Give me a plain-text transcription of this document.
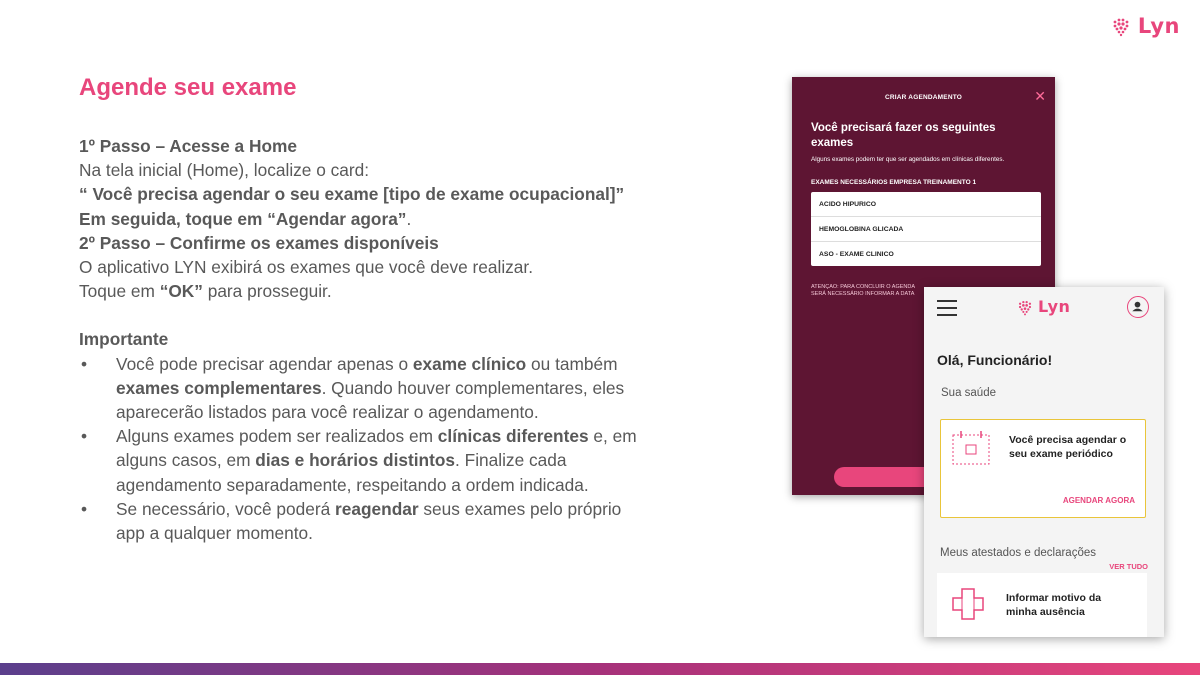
Lyn
Agende seu exame

1º Passo – Acesse a Home

Na tela inicial (Home), localize o card:

“ Você precisa agendar o seu exame [tipo de exame ocupacional]”

Em seguida, toque em “Agendar agora”.

2º Passo – Confirme os exames disponíveis

O aplicativo LYN exibirá os exames que você deve realizar.

Toque em “OK” para prosseguir.

Importante

• Você pode precisar agendar apenas o exame clínico ou também

exames complementares. Quando houver complementares, eles

aparecerão listados para você realizar o agendamento.

• Alguns exames podem ser realizados em clínicas diferentes e, em

alguns casos, em dias e horários distintos. Finalize cada

agendamento separadamente, respeitando a ordem indicada.

• Se necessário, você poderá reagendar seus exames pelo próprio

app a qualquer momento.

CRIAR AGENDAMENTO	✕
Você precisará fazer os seguintes exames
Alguns exames podem ter que ser agendados em clínicas diferentes.
EXAMES NECESSÁRIOS EMPRESA TREINAMENTO 1
ACIDO HIPURICO
HEMOGLOBINA GLICADA
ASO - EXAME CLINICO
ATENÇÃO: PARA CONCLUIR O AGENDA
SERÁ NECESSÁRIO INFORMAR A DATA
Lyn
Olá, Funcionário!
Sua saúde
Você precisa agendar o seu exame periódico
AGENDAR AGORA
Meus atestados e declarações
VER TUDO
Informar motivo da minha ausência
